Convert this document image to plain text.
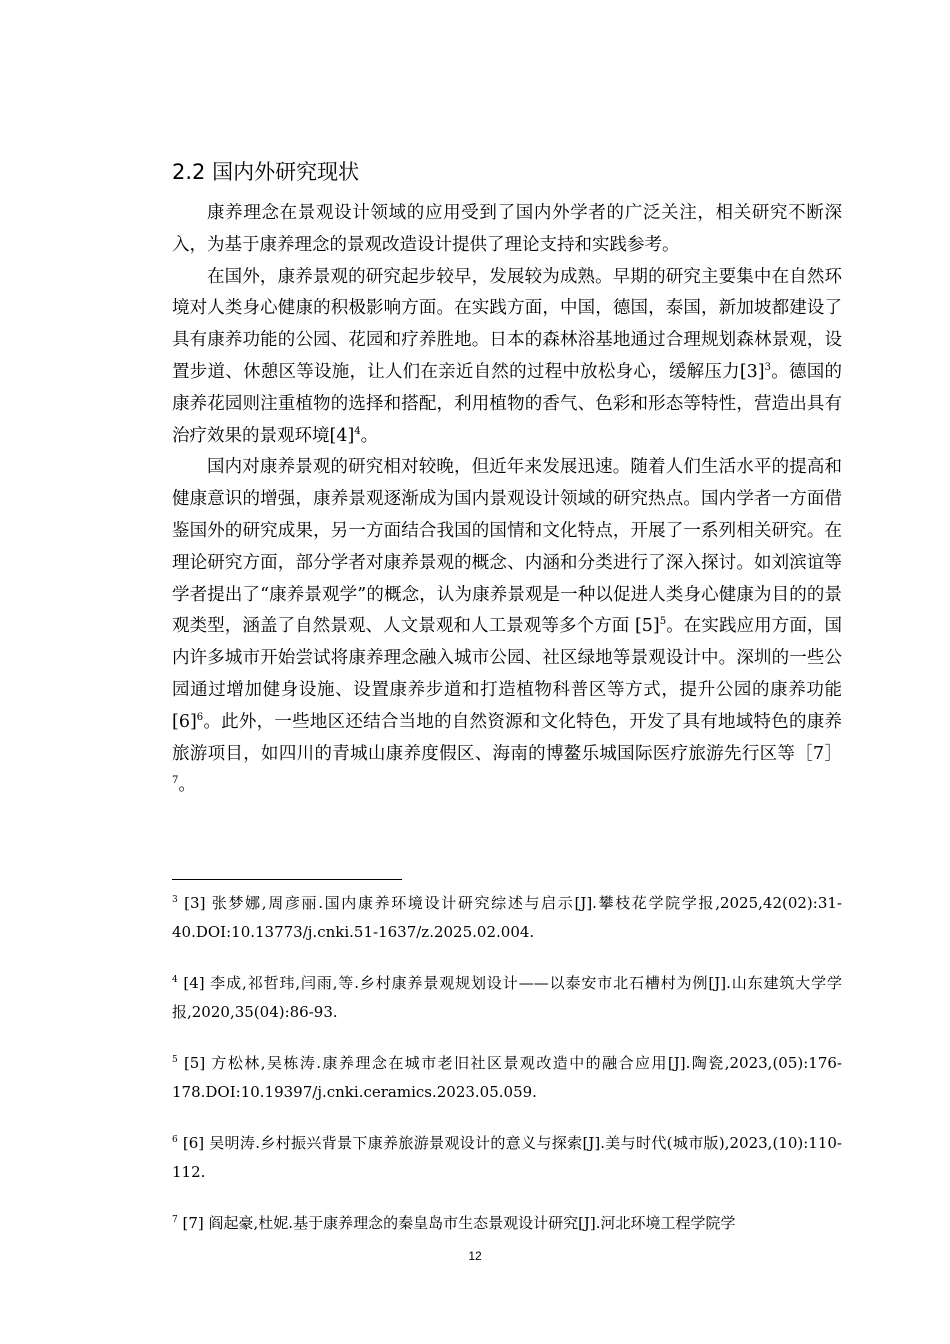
2.2 国内外研究现状

康养理念在景观设计领域的应用受到了国内外学者的广泛关注，相关研究不断深入，为基于康养理念的景观改造设计提供了理论支持和实践参考。

在国外，康养景观的研究起步较早，发展较为成熟。早期的研究主要集中在自然环境对人类身心健康的积极影响方面。在实践方面，中国，德国，泰国，新加坡都建设了具有康养功能的公园、花园和疗养胜地。日本的森林浴基地通过合理规划森林景观，设置步道、休憩区等设施，让人们在亲近自然的过程中放松身心，缓解压力$[3]^3$。德国的康养花园则注重植物的选择和搭配，利用植物的香气、色彩和形态等特性，营造出具有治疗效果的景观环境$[4]^4$。

国内对康养景观的研究相对较晚，但近年来发展迅速。随着人们生活水平的提高和健康意识的增强，康养景观逐渐成为国内景观设计领域的研究热点。国内学者一方面借鉴国外的研究成果，另一方面结合我国的国情和文化特点，开展了一系列相关研究。在理论研究方面，部分学者对康养景观的概念、内涵和分类进行了深入探讨。如刘滨谊等学者提出了“康养景观学”的概念，认为康养景观是一种以促进人类身心健康为目的的景观类型，涵盖了自然景观、人文景观和人工景观等多个方面 $[5]^5$。在实践应用方面，国内许多城市开始尝试将康养理念融入城市公园、社区绿地等景观设计中。深圳的一些公园通过增加健身设施、设置康养步道和打造植物科普区等方式，提升公园的康养功能 $[6]^6$。此外，一些地区还结合当地的自然资源和文化特色，开发了具有地域特色的康养旅游项目，如四川的青城山康养度假区、海南的博鳌乐城国际医疗旅游先行区等［7］$^7$。

$^3$ [3] 张梦娜,周彦丽.国内康养环境设计研究综述与启示[J].攀枝花学院学报,2025,42(02):31-40.DOI:10.13773/j.cnki.51-1637/z.2025.02.004.

$^4$ [4] 李成,祁哲玮,闫雨,等.乡村康养景观规划设计——以泰安市北石槽村为例[J].山东建筑大学学报,2020,35(04):86-93.

$^5$ [5] 方松林,吴栋涛.康养理念在城市老旧社区景观改造中的融合应用[J].陶瓷,2023,(05):176-178.DOI:10.19397/j.cnki.ceramics.2023.05.059.

$^6$ [6] 吴明涛.乡村振兴背景下康养旅游景观设计的意义与探索[J].美与时代(城市版),2023,(10):110-112.

$^7$ [7] 阎起豪,杜妮.基于康养理念的秦皇岛市生态景观设计研究[J].河北环境工程学院学

12
